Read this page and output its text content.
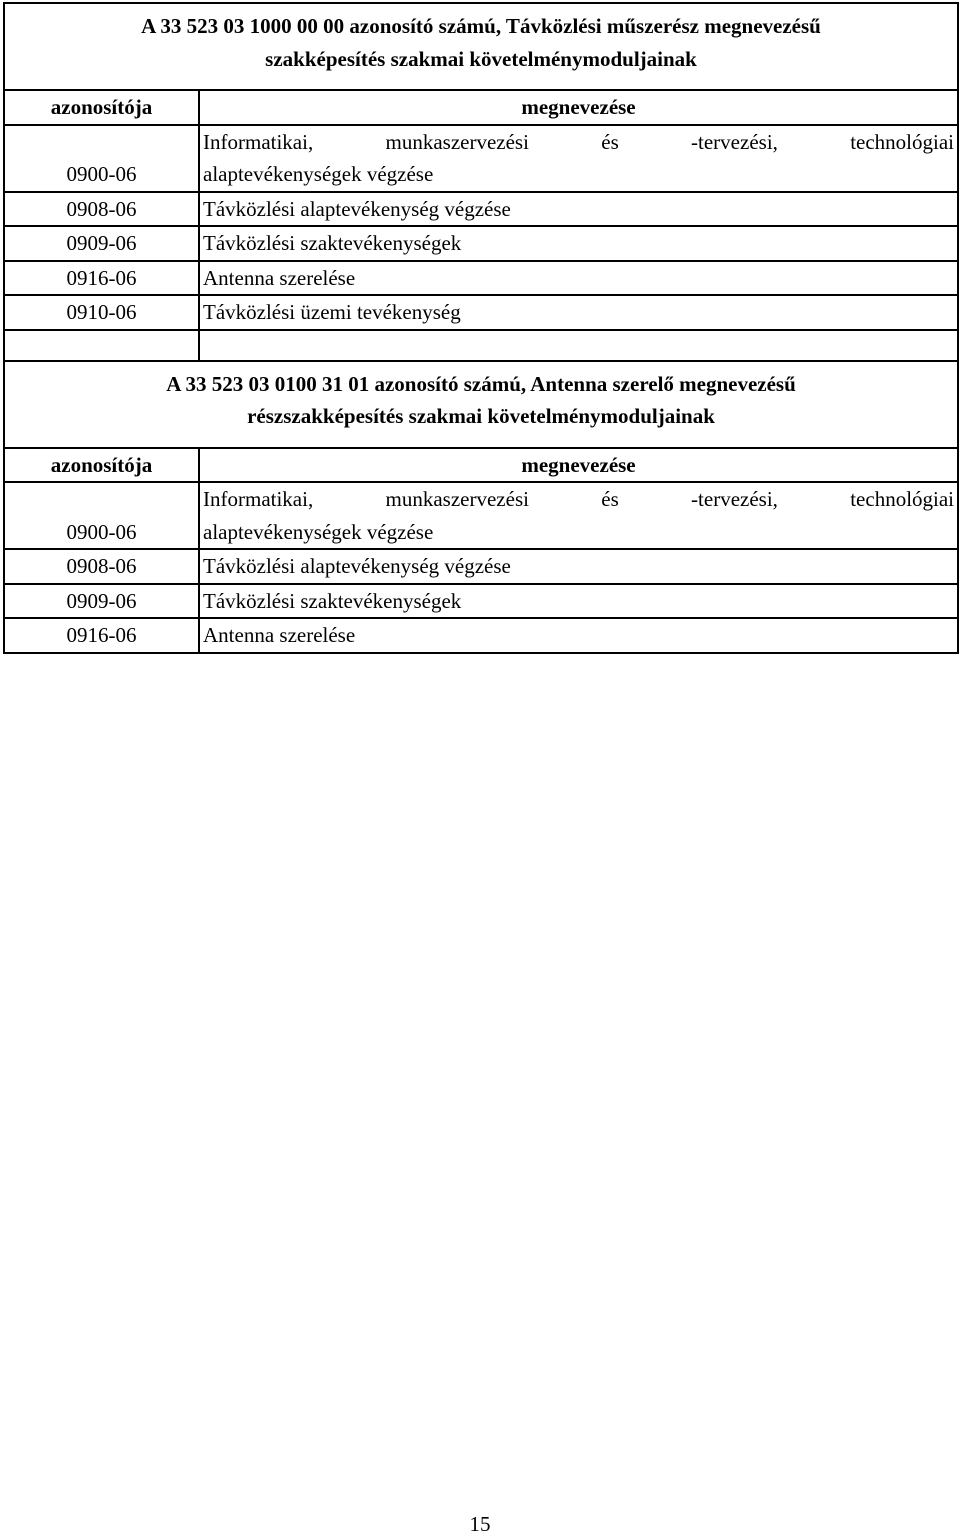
A 33 523 03 1000 00 00 azonosító számú, Távközlési műszerész megnevezésű
szakképesítés szakmai követelménymoduljainak	

azonosítója	megnevezése
0900-06	Informatikai, munkaszervezési és -tervezési, technológiai
alaptevékenységek végzése

0908-06	Távközlési alaptevékenység végzése
0909-06	Távközlési szaktevékenységek
0916-06	Antenna szerelése
0910-06	Távközlési üzemi tevékenység

A 33 523 03 0100 31 01 azonosító számú, Antenna szerelő megnevezésű
részszakképesítés szakmai követelménymoduljainak	

azonosítója	megnevezése
0900-06	Informatikai, munkaszervezési és -tervezési, technológiai
alaptevékenységek végzése

0908-06	Távközlési alaptevékenység végzése
0909-06	Távközlési szaktevékenységek
0916-06	Antenna szerelése
15
